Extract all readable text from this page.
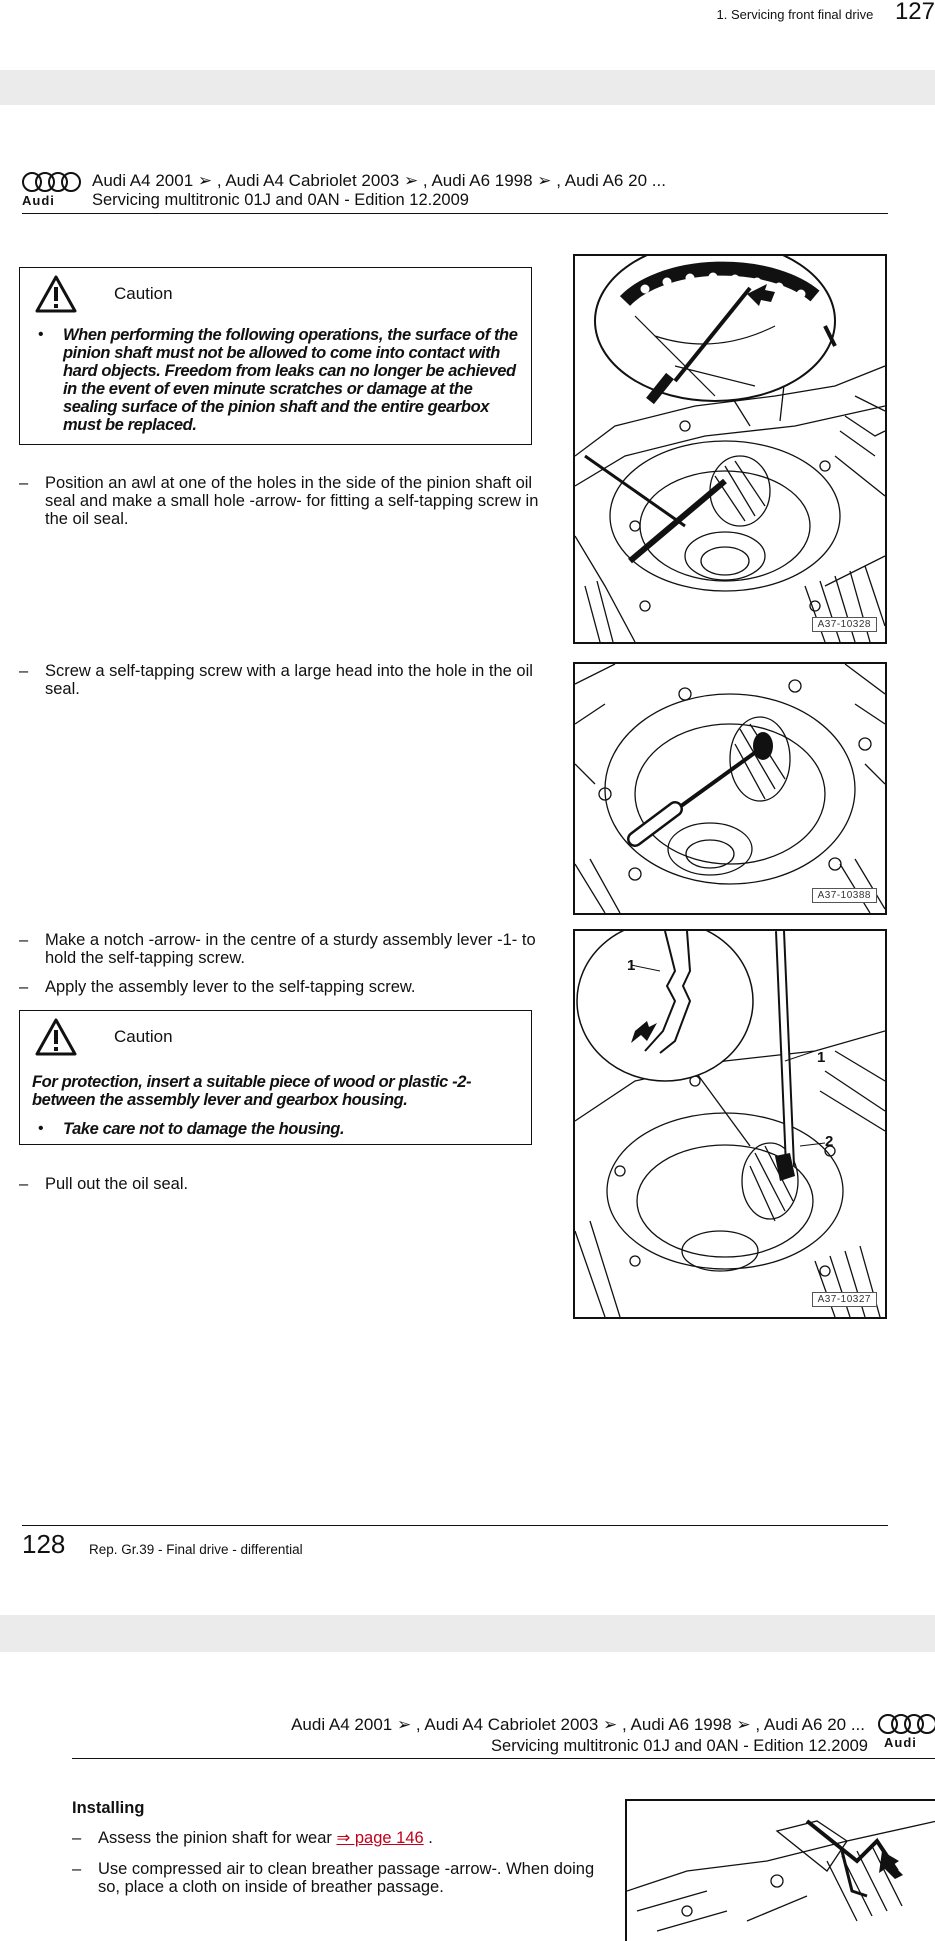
1. Servicing front final drive 127
Audi
Audi A4 2001 ➢ , Audi A4 Cabriolet 2003 ➢ , Audi A6 1998 ➢ , Audi A6 20 ...
Servicing multitronic 01J and 0AN - Edition 12.2009
Caution
• When performing the following operations, the surface of the pinion shaft must not be allowed to come into contact with hard objects. Freedom from leaks can no longer be achieved in the event of even minute scratches or damage at the sealing surface of the pinion shaft and the entire gearbox must be replaced.
– Position an awl at one of the holes in the side of the pinion shaft oil seal and make a small hole -arrow- for fitting a self-tapping screw in the oil seal.
– Screw a self-tapping screw with a large head into the hole in the oil seal.
– Make a notch -arrow- in the centre of a sturdy assembly lever -1- to hold the self-tapping screw.
– Apply the assembly lever to the self-tapping screw.
Caution
For protection, insert a suitable piece of wood or plastic -2- between the assembly lever and gearbox housing.
• Take care not to damage the housing.
– Pull out the oil seal.
A37-10328
A37-10388
1
1
2
A37-10327
128 Rep. Gr.39 - Final drive - differential
Audi A4 2001 ➢ , Audi A4 Cabriolet 2003 ➢ , Audi A6 1998 ➢ , Audi A6 20 ...
Servicing multitronic 01J and 0AN - Edition 12.2009 Audi
Installing
– Assess the pinion shaft for wear ⇒ page 146 .
– Use compressed air to clean breather passage -arrow-. When doing so, place a cloth on inside of breather passage.
